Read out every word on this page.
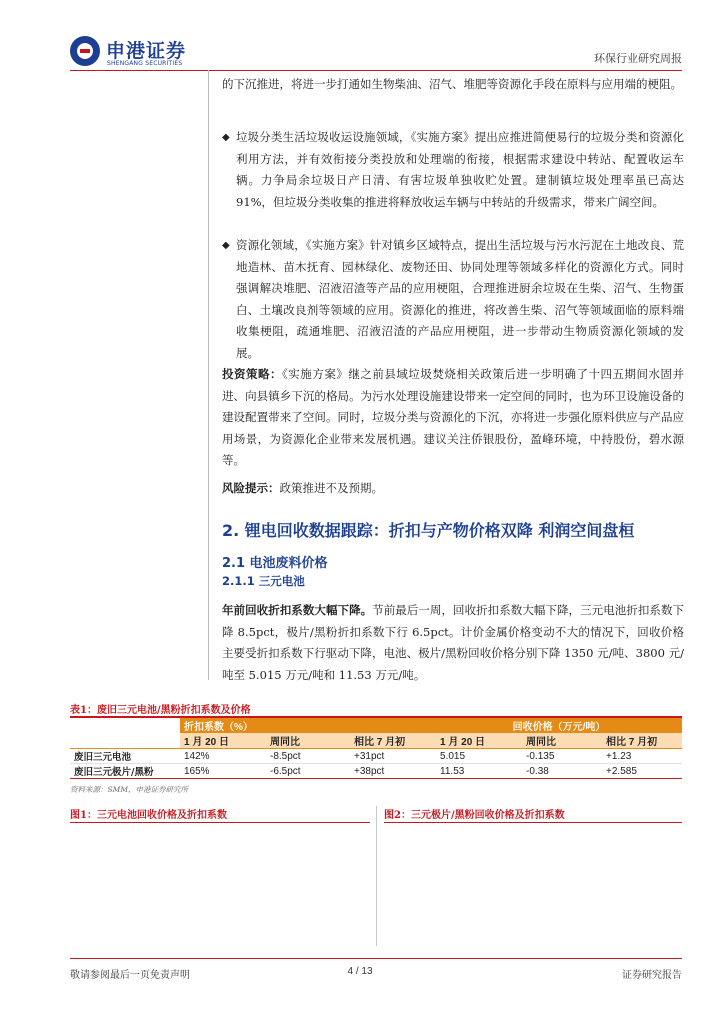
申港证券
SHENGANG SECURITIES	环保行业研究周报

的下沉推进，将进一步打通如生物柴油、沼气、堆肥等资源化手段在原料与应用端的梗阻。

◆ 垃圾分类生活垃圾收运设施领域，《实施方案》提出应推进简便易行的垃圾分类和资源化利用方法，并有效衔接分类投放和处理端的衔接，根据需求建设中转站、配置收运车辆。力争局余垃圾日产日清、有害垃圾单独收贮处置。建制镇垃圾处理率虽已高达 91%，但垃圾分类收集的推进将释放收运车辆与中转站的升级需求，带来广阔空间。

◆ 资源化领域，《实施方案》针对镇乡区域特点，提出生活垃圾与污水污泥在土地改良、荒地造林、苗木抚育、园林绿化、废物还田、协同处理等领域多样化的资源化方式。同时强调解决堆肥、沼液沼渣等产品的应用梗阻，合理推进厨余垃圾在生柴、沼气、生物蛋白、土壤改良剂等领域的应用。资源化的推进，将改善生柴、沼气等领域面临的原料端收集梗阻，疏通堆肥、沼液沼渣的产品应用梗阻，进一步带动生物质资源化领域的发展。

投资策略：《实施方案》继之前县域垃圾焚烧相关政策后进一步明确了十四五期间水固并进、向县镇乡下沉的格局。为污水处理设施建设带来一定空间的同时，也为环卫设施设备的建设配置带来了空间。同时，垃圾分类与资源化的下沉，亦将进一步强化原料供应与产品应用场景，为资源化企业带来发展机遇。建议关注侨银股份，盈峰环境，中持股份，碧水源等。

风险提示：政策推进不及预期。

2. 锂电回收数据跟踪：折扣与产物价格双降 利润空间盘桓
2.1 电池废料价格
2.1.1 三元电池

年前回收折扣系数大幅下降。节前最后一周，回收折扣系数大幅下降，三元电池折扣系数下降 8.5pct，极片/黑粉折扣系数下行 6.5pct。计价金属价格变动不大的情况下，回收价格主要受折扣系数下行驱动下降，电池、极片/黑粉回收价格分别下降 1350 元/吨、3800 元/吨至 5.015 万元/吨和 11.53 万元/吨。

表1：废旧三元电池/黑粉折扣系数及价格
	折扣系数（%）			回收价格（万元/吨）		
	1 月 20 日	周同比	相比 7 月初	1 月 20 日	周同比	相比 7 月初
废旧三元电池	142%	-8.5pct	+31pct	5.015	-0.135	+1.23
废旧三元极片/黑粉	165%	-6.5pct	+38pct	11.53	-0.38	+2.585
资料来源：SMM，申港证券研究所
图1：三元电池回收价格及折扣系数	图2：三元极片/黑粉回收价格及折扣系数
敬请参阅最后一页免责声明	4 / 13	证券研究报告
